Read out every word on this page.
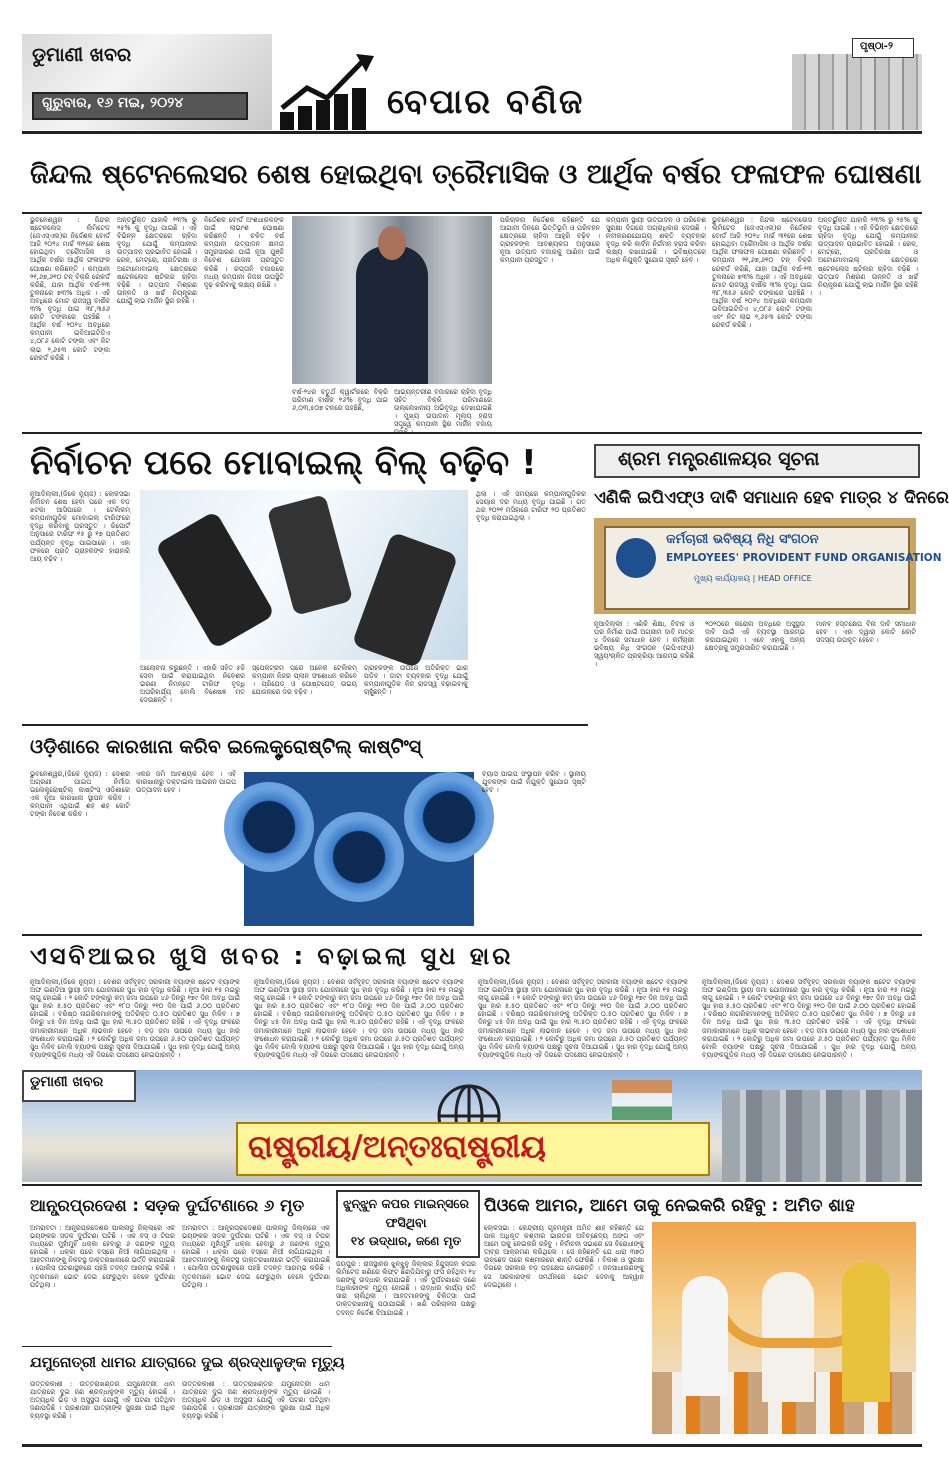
ଡୁମାଣୀ ଖବର
ଗୁରୁବାର, ୧୬ ମଇ, ୨୦୨୪	ବେପାର ବଣିଜ
ପୃଷ୍ଠା-୨
ଜିନ୍ଦଲ ଷ୍ଟେନଲେସର ଶେଷ ହୋଇଥିବା ତ୍ରୈମାସିକ ଓ ଆର୍ଥିକ ବର୍ଷର ଫଳାଫଳ ଘୋଷଣା
ଭୁବନେଶ୍ୱର : ଜିନ୍ଦଲ ଷ୍ଟେନଲେସ ଲିମିଟେଡ (ଜେଏସ୍‌ଏଲ)ର ନିର୍ଦ୍ଦେଶକ ବୋର୍ଡ ଆଜି ୨୦୨୪ ମାର୍ଚ୍ଚ ୩୧ରେ ଶେଷ ହୋଇଥିବା ତ୍ରୈମାସିକ ଓ ଆର୍ଥିକ ବର୍ଷର ଆର୍ଥିକ ଫଳାଫଳ ଘୋଷଣା କରିଛନ୍ତି । କମ୍ପାନୀ ୨୧,୬୭,୬୧୦ ଟନ୍ ବିକ୍ରି ରେକର୍ଡ କରିଛି, ଯାହା ଆର୍ଥିକ ବର୍ଷ-୨୩ ତୁଳନାରେ ୭୩% ଅଧିକ । ଏହି ଅବଧିରେ ମୋଟ ରାଜସ୍ୱ ବାର୍ଷିକ ୩% ବୃଦ୍ଧି ପାଇ ୩୮,୩୫୬ କୋଟି ଟଙ୍କାରେ ପହଞ୍ଚିଛି । ଆର୍ଥିକ ବର୍ଷ ୨୦୨୪ ଅବଧିରେ କମ୍ପାନୀ ଇବିଆଇଟିଡିଏ ୪,୦୮୬ କୋଟି ଟଙ୍କା ଏବଂ ନିଟ ଲାଭ ୨,୬୫୩ କୋଟି ଟଙ୍କା ରେକର୍ଡ କରିଛି ।
ଅନ୍ତର୍ଭୁକ୍ତ ଯାହାକି ୨୩% ରୁ ୨୫% କୁ ବୃଦ୍ଧି ପାଇଛି । ଏହି ବିଭିନ୍ନ କ୍ଷେତ୍ରରେ ଚାହିଦା ବୃଦ୍ଧି ଯୋଗୁଁ କମ୍ପାନୀର ଉତ୍ପାଦନ ପ୍ରଭାବିତ ହୋଇଛି । ରେଳ, ମେଟ୍ରୋ, ପ୍ରତିରକ୍ଷା ଓ ଅଟୋମୋବାଇଲ୍ କ୍ଷେତ୍ରରେ ଷ୍ଟେନଲେସ ଷ୍ଟିଲର ଚାହିଦା ବଢ଼ିଛି । ଉତ୍ପାଦ ମିଶ୍ରଣ ଉନ୍ନତି ଓ ଖର୍ଚ୍ଚ ନିୟନ୍ତ୍ରଣ ଯୋଗୁଁ ଲାଭ ମାର୍ଜିନ ସ୍ଥିର ରହିଛି ।
ନିର୍ଦ୍ଦେଶକ ବୋର୍ଡ ଅଂଶଧାରକଙ୍କ ପାଇଁ ଲାଭାଂଶ ଘୋଷଣା କରିଛନ୍ତି । ଚଳିତ ବର୍ଷ କମ୍ପାନୀ ଉତ୍ପାଦନ କ୍ଷମତା ସମ୍ପ୍ରସାରଣ ପାଇଁ ନୂଆ ପୁଞ୍ଜି ନିବେଶ ଯୋଜନା ପ୍ରସ୍ତୁତ କରିଛି । ରପ୍ତାନି ବଜାରରେ ମଧ୍ୟ କମ୍ପାନୀ ନିଜର ଉପସ୍ଥିତି ଦୃଢ଼ କରିବାକୁ ଲକ୍ଷ୍ୟ ରଖିଛି ।
ବର୍ଷ-୨୪ର ଚତୁର୍ଥ କ୍ୱାର୍ଟରରେ ବିକ୍ରି ପରିମାଣ ବାର୍ଷିକ ୧୬% ବୃଦ୍ଧି ପାଇ ୬,୦୩,୫୦୭ ଟନରେ ପହଞ୍ଚିଛି,
ଆଭ୍ୟନ୍ତରୀଣ ବଜାରରେ ଚାହିଦା ବୃଦ୍ଧି ସହିତ ବିକ୍ରି ପରିମାଣରେ ଉଲ୍ଲେଖନୀୟ ଅଭିବୃଦ୍ଧି ଦେଖାଯାଇଛି । ମୁଖ୍ୟ ଉପାଦାନ ମୂଲ୍ୟ ହ୍ରାସ ସତ୍ତ୍ୱେ କମ୍ପାନୀ ସ୍ଥିର ମାର୍ଜିନ ବଜାୟ
ପରିଚାଳନା ନିର୍ଦ୍ଦେଶକ କହିଛନ୍ତି ଯେ ଆଗାମୀ ଦିନରେ ଭିତ୍ତିଭୂମି ଓ ପରିବହନ କ୍ଷେତ୍ରରେ ଚାହିଦା ଆହୁରି ବଢ଼ିବ । ଗ୍ରାହକଙ୍କ ଆବଶ୍ୟକତା ଅନୁସାରେ ନୂଆ ଉତ୍ପାଦ ବଜାରକୁ ଆଣିବା ପାଇଁ କମ୍ପାନୀ ପ୍ରସ୍ତୁତ ।
କମ୍ପାନୀ ସ୍ଥାୟୀ ଉତ୍ପାଦନ ଓ ପରିବେଶ ସୁରକ୍ଷା ଦିଗରେ ଅଗ୍ରାଧିକାର ଦେଉଛି । ନବୀକରଣଯୋଗ୍ୟ ଶକ୍ତି ବ୍ୟବହାର ବୃଦ୍ଧି କରି କାର୍ବନ ନିର୍ଗମନ ହ୍ରାସ କରିବା ଲକ୍ଷ୍ୟ ରଖାଯାଇଛି । ଭବିଷ୍ୟତରେ ଅଧିକ ନିଯୁକ୍ତି ସୁଯୋଗ ସୃଷ୍ଟି ହେବ ।
ଭୁବନେଶ୍ୱର : ଜିନ୍ଦଲ ଷ୍ଟେନଲେସ ଲିମିଟେଡ (ଜେଏସ୍‌ଏଲ)ର ନିର୍ଦ୍ଦେଶକ ବୋର୍ଡ ଆଜି ୨୦୨୪ ମାର୍ଚ୍ଚ ୩୧ରେ ଶେଷ ହୋଇଥିବା ତ୍ରୈମାସିକ ଓ ଆର୍ଥିକ ବର୍ଷର ଆର୍ଥିକ ଫଳାଫଳ ଘୋଷଣା କରିଛନ୍ତି । କମ୍ପାନୀ ୨୧,୬୭,୬୧୦ ଟନ୍ ବିକ୍ରି ରେକର୍ଡ କରିଛି, ଯାହା ଆର୍ଥିକ ବର୍ଷ-୨୩ ତୁଳନାରେ ୭୩% ଅଧିକ । ଏହି ଅବଧିରେ ମୋଟ ରାଜସ୍ୱ ବାର୍ଷିକ ୩% ବୃଦ୍ଧି ପାଇ ୩୮,୩୫୬ କୋଟି ଟଙ୍କାରେ ପହଞ୍ଚିଛି । ଆର୍ଥିକ ବର୍ଷ ୨୦୨୪ ଅବଧିରେ କମ୍ପାନୀ ଇବିଆଇଟିଡିଏ ୪,୦୮୬ କୋଟି ଟଙ୍କା ଏବଂ ନିଟ ଲାଭ ୨,୬୫୩ କୋଟି ଟଙ୍କା ରେକର୍ଡ କରିଛି ।
ଅନ୍ତର୍ଭୁକ୍ତ ଯାହାକି ୨୩% ରୁ ୨୫% କୁ ବୃଦ୍ଧି ପାଇଛି । ଏହି ବିଭିନ୍ନ କ୍ଷେତ୍ରରେ ଚାହିଦା ବୃଦ୍ଧି ଯୋଗୁଁ କମ୍ପାନୀର ଉତ୍ପାଦନ ପ୍ରଭାବିତ ହୋଇଛି । ରେଳ, ମେଟ୍ରୋ, ପ୍ରତିରକ୍ଷା ଓ ଅଟୋମୋବାଇଲ୍ କ୍ଷେତ୍ରରେ ଷ୍ଟେନଲେସ ଷ୍ଟିଲର ଚାହିଦା ବଢ଼ିଛି । ଉତ୍ପାଦ ମିଶ୍ରଣ ଉନ୍ନତି ଓ ଖର୍ଚ୍ଚ ନିୟନ୍ତ୍ରଣ ଯୋଗୁଁ ଲାଭ ମାର୍ଜିନ ସ୍ଥିର ରହିଛି ।
ନିର୍ବାଚନ ପରେ ମୋବାଇଲ୍ ବିଲ୍ ବଢ଼ିବ !
ନୂଆଦିଲ୍ଲୀ,(ଜିକେ ନ୍ୟୁଜ) : ଲୋକସଭା ନିର୍ବାଚନ ଶେଷ ହେବା ପରେ ଏକ ବଡ଼ ଝଟକା ଆସିପାରେ । ଟେଲିକମ୍ କମ୍ପାନୀଗୁଡ଼ିକ ମୋବାଇଲ୍ ଟାରିଫରେ ବୃଦ୍ଧି କରିବାକୁ ପ୍ରସ୍ତୁତ । ରିପୋର୍ଟ ଅନୁସାରେ ଟାରିଫ ୧୫ ରୁ ୧୭ ପ୍ରତିଶତ ପର୍ଯ୍ୟନ୍ତ ବୃଦ୍ଧି ପାଇପାରେ । ଏହା ଫଳରେ ପ୍ରତି ଗ୍ରାହକଙ୍କ ହାରାହାରି ଆୟ ବଢ଼ିବ ।
ଆଲୋଚନା କରୁଛନ୍ତି । ଏହାରି ସହିତ ୫ଜି ସେବା ପାଇଁ କରାଯାଇଥିବା ନିବେଶର ଭରଣା ନିମନ୍ତେ ଟାରିଫ ବୃଦ୍ଧି ଅପରିହାର୍ଯ୍ୟ ବୋଲି ବିଶେଷଜ୍ଞ ମତ ଦେଉଛନ୍ତି ।
ସ୍ପେକଟ୍ରମ ପରେ ଅନେକ ଟେଲିକମ୍ କମ୍ପାନୀ ନିଜର ପ୍ଲାନ ସଂଶୋଧନ କରିବେ । ପ୍ରିପେଡ୍ ଓ ପୋଷ୍ଟପେଡ୍ ଉଭୟ ଯୋଜନାରେ ଦର ବଢ଼ିବ ।
ଗ୍ରାହକଙ୍କ ଉପରେ ଅତିରିକ୍ତ ଭାର ପଡ଼ିବ । ଡାଟା ବ୍ୟବହାର ବୃଦ୍ଧି ଯୋଗୁଁ କମ୍ପାନୀଗୁଡ଼ିକ ନିଜ ରାଜସ୍ୱ ବଢ଼ାଇବାକୁ ଚାହୁଁଛନ୍ତି ।
ଥିଲା । ଏହି ସମୟରେ କମ୍ପାନୀଗୁଡ଼ିକର ସେୟାର ଦର ମଧ୍ୟ ବୃଦ୍ଧି ପାଇଛି । ଗତ ଥର ୨୦୨୧ ମସିହାରେ ଟାରିଫ ୨୦ ପ୍ରତିଶତ ବୃଦ୍ଧି କରାଯାଇଥିଲା ।
ଶ୍ରମ ମନ୍ତ୍ରଣାଳୟର ସୂଚନା
ଏଣିକି ଇପିଏଫ୍‌ଓ ଦାବି ସମାଧାନ ହେବ ମାତ୍ର ୪ ଦିନରେ
କର୍ମଚାରୀ ଭବିଷ୍ୟ ନିଧି ସଂଗଠନ
EMPLOYEES' PROVIDENT FUND ORGANISATION
ମୁଖ୍ୟ କାର୍ଯ୍ୟାଳୟ | HEAD OFFICE
ନୂଆଦିଲ୍ଲୀ : ଏଣିକି ଶିକ୍ଷା, ବିବାହ ଓ ଘର ନିର୍ମାଣ ପାଇଁ ଅଗ୍ରୀମ ଦାବି ମାତ୍ର ୪ ଦିନରେ ସମାଧାନ ହେବ । କର୍ମଚାରୀ ଭବିଷ୍ୟ ନିଧି ସଂଗଠନ (ଇପିଏଫ୍‌ଓ) ସ୍ୱୟଂଚାଳିତ ପ୍ରକ୍ରିୟା ଆରମ୍ଭ କରିଛି ।
୨୦୨୦ରେ କରୋନା ଅବଧିରେ ଅସୁସ୍ଥତା ଦାବି ପାଇଁ ଏହି ବ୍ୟବସ୍ଥା ଆରମ୍ଭ କରାଯାଇଥିଲା । ଏବେ ଏହାକୁ ଅନ୍ୟ କ୍ଷେତ୍ରକୁ ସମ୍ପ୍ରସାରିତ କରାଯାଇଛି ।
ମାନବ ହସ୍ତକ୍ଷେପ ବିନା ଦାବି ସମାଧାନ ହେବ । ଏହା ଦ୍ୱାରା କୋଟି କୋଟି ସଦସ୍ୟ ଉପକୃତ ହେବେ ।
ଓଡ଼ିଶାରେ କାରଖାନା କରିବ ଇଲେକ୍ଟ୍ରୋଷ୍ଟିଲ୍ କାଷ୍ଟିଂସ୍
ଭୁବନେଶ୍ୱର,(ଜିକେ ନ୍ୟୁଜ) : ଦେଶର ଅଗ୍ରଣୀ ପାଇପ ନିର୍ମାତା ଇଲେକ୍ଟ୍ରୋଷ୍ଟିଲ୍ କାଷ୍ଟିଂସ୍ ଓଡ଼ିଶାରେ ଏକ ନୂଆ କାରଖାନା ସ୍ଥାପନ କରିବ । କମ୍ପାନୀ ଏଥିପାଇଁ ଶହ ଶହ କୋଟି ଟଙ୍କା ନିବେଶ କରିବ ।
ଏକର ଜମି ଆବଶ୍ୟକ ହେବ । ଏହି କାରଖାନାରୁ ଡକ୍ଟାଇଲ ଆଇରନ ପାଇପ ଉତ୍ପାଦନ ହେବ ।
ବ୍ୟାସ ପାଇପ ସଂସ୍ଥାପନ କରିବ । ସ୍ଥାନୀୟ ଯୁବକଙ୍କ ପାଇଁ ନିଯୁକ୍ତି ସୁଯୋଗ ସୃଷ୍ଟି ହେବ ।
ଏସବିଆଇର ଖୁସି ଖବର : ବଢ଼ାଇଲା ସୁଧ ହାର
ନୂଆଦିଲ୍ଲୀ,(ଜିକେ ନ୍ୟୁଜ) : ଦେଶର ସର୍ବବୃହତ୍ ସରକାରୀ ବ୍ୟାଙ୍କ ଷ୍ଟେଟ ବ୍ୟାଙ୍କ ଅଫ ଇଣ୍ଡିଆ ସ୍ଥାୟୀ ଜମା ଯୋଜନାରେ ସୁଧ ହାର ବୃଦ୍ଧି କରିଛି । ନୂଆ ହାର ୧୫ ମଇରୁ ଲାଗୁ ହୋଇଛି । ୨ କୋଟି ଟଙ୍କାରୁ କମ୍ ଜମା ଉପରେ ୪୬ ଦିନରୁ ୧୭୯ ଦିନ ଅବଧି ପାଇଁ ସୁଧ ହାର ୫.୫୦ ପ୍ରତିଶତ ଏବଂ ୧୮୦ ଦିନରୁ ୨୧୦ ଦିନ ପାଇଁ ୬.୦୦ ପ୍ରତିଶତ ହୋଇଛି । ବରିଷ୍ଠ ନାଗରିକମାନଙ୍କୁ ଅତିରିକ୍ତ ୦.୫୦ ପ୍ରତିଶତ ସୁଧ ମିଳିବ । ୭ ଦିନରୁ ୪୫ ଦିନ ଅବଧି ପାଇଁ ସୁଧ ହାର ୩.୫୦ ପ୍ରତିଶତ ରହିଛି । ଏହି ବୃଦ୍ଧି ଫଳରେ ଜମାକାରୀମାନେ ଅଧିକ ଲାଭବାନ ହେବେ । ବଡ଼ ଜମା ଉପରେ ମଧ୍ୟ ସୁଧ ହାର ସଂଶୋଧନ କରାଯାଇଛି । ୨ କୋଟିରୁ ଅଧିକ ଜମା ଉପରେ ୬.୫୦ ପ୍ରତିଶତ ପର୍ଯ୍ୟନ୍ତ ସୁଧ ମିଳିବ ବୋଲି ବ୍ୟାଙ୍କ ପକ୍ଷରୁ ସୂଚନା ଦିଆଯାଇଛି । ସୁଧ ହାର ବୃଦ୍ଧି ଯୋଗୁଁ ଅନ୍ୟ ବ୍ୟାଙ୍କଗୁଡ଼ିକ ମଧ୍ୟ ଏହି ଦିଗରେ ପଦକ୍ଷେପ ନେଇପାରନ୍ତି ।
ନୂଆଦିଲ୍ଲୀ,(ଜିକେ ନ୍ୟୁଜ) : ଦେଶର ସର୍ବବୃହତ୍ ସରକାରୀ ବ୍ୟାଙ୍କ ଷ୍ଟେଟ ବ୍ୟାଙ୍କ ଅଫ ଇଣ୍ଡିଆ ସ୍ଥାୟୀ ଜମା ଯୋଜନାରେ ସୁଧ ହାର ବୃଦ୍ଧି କରିଛି । ନୂଆ ହାର ୧୫ ମଇରୁ ଲାଗୁ ହୋଇଛି । ୨ କୋଟି ଟଙ୍କାରୁ କମ୍ ଜମା ଉପରେ ୪୬ ଦିନରୁ ୧୭୯ ଦିନ ଅବଧି ପାଇଁ ସୁଧ ହାର ୫.୫୦ ପ୍ରତିଶତ ଏବଂ ୧୮୦ ଦିନରୁ ୨୧୦ ଦିନ ପାଇଁ ୬.୦୦ ପ୍ରତିଶତ ହୋଇଛି । ବରିଷ୍ଠ ନାଗରିକମାନଙ୍କୁ ଅତିରିକ୍ତ ୦.୫୦ ପ୍ରତିଶତ ସୁଧ ମିଳିବ । ୭ ଦିନରୁ ୪୫ ଦିନ ଅବଧି ପାଇଁ ସୁଧ ହାର ୩.୫୦ ପ୍ରତିଶତ ରହିଛି । ଏହି ବୃଦ୍ଧି ଫଳରେ ଜମାକାରୀମାନେ ଅଧିକ ଲାଭବାନ ହେବେ । ବଡ଼ ଜମା ଉପରେ ମଧ୍ୟ ସୁଧ ହାର ସଂଶୋଧନ କରାଯାଇଛି । ୨ କୋଟିରୁ ଅଧିକ ଜମା ଉପରେ ୬.୫୦ ପ୍ରତିଶତ ପର୍ଯ୍ୟନ୍ତ ସୁଧ ମିଳିବ ବୋଲି ବ୍ୟାଙ୍କ ପକ୍ଷରୁ ସୂଚନା ଦିଆଯାଇଛି । ସୁଧ ହାର ବୃଦ୍ଧି ଯୋଗୁଁ ଅନ୍ୟ ବ୍ୟାଙ୍କଗୁଡ଼ିକ ମଧ୍ୟ ଏହି ଦିଗରେ ପଦକ୍ଷେପ ନେଇପାରନ୍ତି ।
ନୂଆଦିଲ୍ଲୀ,(ଜିକେ ନ୍ୟୁଜ) : ଦେଶର ସର୍ବବୃହତ୍ ସରକାରୀ ବ୍ୟାଙ୍କ ଷ୍ଟେଟ ବ୍ୟାଙ୍କ ଅଫ ଇଣ୍ଡିଆ ସ୍ଥାୟୀ ଜମା ଯୋଜନାରେ ସୁଧ ହାର ବୃଦ୍ଧି କରିଛି । ନୂଆ ହାର ୧୫ ମଇରୁ ଲାଗୁ ହୋଇଛି । ୨ କୋଟି ଟଙ୍କାରୁ କମ୍ ଜମା ଉପରେ ୪୬ ଦିନରୁ ୧୭୯ ଦିନ ଅବଧି ପାଇଁ ସୁଧ ହାର ୫.୫୦ ପ୍ରତିଶତ ଏବଂ ୧୮୦ ଦିନରୁ ୨୧୦ ଦିନ ପାଇଁ ୬.୦୦ ପ୍ରତିଶତ ହୋଇଛି । ବରିଷ୍ଠ ନାଗରିକମାନଙ୍କୁ ଅତିରିକ୍ତ ୦.୫୦ ପ୍ରତିଶତ ସୁଧ ମିଳିବ । ୭ ଦିନରୁ ୪୫ ଦିନ ଅବଧି ପାଇଁ ସୁଧ ହାର ୩.୫୦ ପ୍ରତିଶତ ରହିଛି । ଏହି ବୃଦ୍ଧି ଫଳରେ ଜମାକାରୀମାନେ ଅଧିକ ଲାଭବାନ ହେବେ । ବଡ଼ ଜମା ଉପରେ ମଧ୍ୟ ସୁଧ ହାର ସଂଶୋଧନ କରାଯାଇଛି । ୨ କୋଟିରୁ ଅଧିକ ଜମା ଉପରେ ୬.୫୦ ପ୍ରତିଶତ ପର୍ଯ୍ୟନ୍ତ ସୁଧ ମିଳିବ ବୋଲି ବ୍ୟାଙ୍କ ପକ୍ଷରୁ ସୂଚନା ଦିଆଯାଇଛି । ସୁଧ ହାର ବୃଦ୍ଧି ଯୋଗୁଁ ଅନ୍ୟ ବ୍ୟାଙ୍କଗୁଡ଼ିକ ମଧ୍ୟ ଏହି ଦିଗରେ ପଦକ୍ଷେପ ନେଇପାରନ୍ତି ।
ନୂଆଦିଲ୍ଲୀ,(ଜିକେ ନ୍ୟୁଜ) : ଦେଶର ସର୍ବବୃହତ୍ ସରକାରୀ ବ୍ୟାଙ୍କ ଷ୍ଟେଟ ବ୍ୟାଙ୍କ ଅଫ ଇଣ୍ଡିଆ ସ୍ଥାୟୀ ଜମା ଯୋଜନାରେ ସୁଧ ହାର ବୃଦ୍ଧି କରିଛି । ନୂଆ ହାର ୧୫ ମଇରୁ ଲାଗୁ ହୋଇଛି । ୨ କୋଟି ଟଙ୍କାରୁ କମ୍ ଜମା ଉପରେ ୪୬ ଦିନରୁ ୧୭୯ ଦିନ ଅବଧି ପାଇଁ ସୁଧ ହାର ୫.୫୦ ପ୍ରତିଶତ ଏବଂ ୧୮୦ ଦିନରୁ ୨୧୦ ଦିନ ପାଇଁ ୬.୦୦ ପ୍ରତିଶତ ହୋଇଛି । ବରିଷ୍ଠ ନାଗରିକମାନଙ୍କୁ ଅତିରିକ୍ତ ୦.୫୦ ପ୍ରତିଶତ ସୁଧ ମିଳିବ । ୭ ଦିନରୁ ୪୫ ଦିନ ଅବଧି ପାଇଁ ସୁଧ ହାର ୩.୫୦ ପ୍ରତିଶତ ରହିଛି । ଏହି ବୃଦ୍ଧି ଫଳରେ ଜମାକାରୀମାନେ ଅଧିକ ଲାଭବାନ ହେବେ । ବଡ଼ ଜମା ଉପରେ ମଧ୍ୟ ସୁଧ ହାର ସଂଶୋଧନ କରାଯାଇଛି । ୨ କୋଟିରୁ ଅଧିକ ଜମା ଉପରେ ୬.୫୦ ପ୍ରତିଶତ ପର୍ଯ୍ୟନ୍ତ ସୁଧ ମିଳିବ ବୋଲି ବ୍ୟାଙ୍କ ପକ୍ଷରୁ ସୂଚନା ଦିଆଯାଇଛି । ସୁଧ ହାର ବୃଦ୍ଧି ଯୋଗୁଁ ଅନ୍ୟ ବ୍ୟାଙ୍କଗୁଡ଼ିକ ମଧ୍ୟ ଏହି ଦିଗରେ ପଦକ୍ଷେପ ନେଇପାରନ୍ତି ।
ଡୁମାଣୀ ଖବର
ରାଷ୍ଟ୍ରୀୟ/ଅନ୍ତଃରାଷ୍ଟ୍ରୀୟ
ଆନ୍ଧ୍ରପ୍ରଦେଶ : ସଡ଼କ ଦୁର୍ଘଟଣାରେ ୬ ମୃତ
ଅମରାବତୀ : ଆନ୍ଧ୍ରପ୍ରଦେଶର ପାଲନାଡୁ ଜିଲ୍ଲାରେ ଏକ ଭୟଙ୍କର ସଡ଼କ ଦୁର୍ଘଟଣା ଘଟିଛି । ଏକ ବସ୍ ଓ ଟିପର ମଧ୍ୟରେ ମୁହାଁମୁହିଁ ଧକ୍କା ହେବାରୁ ୬ ଜଣଙ୍କ ମୃତ୍ୟୁ ହୋଇଛି । ଧକ୍କା ପରେ ବସ୍‌ରେ ନିଆଁ ଲାଗିଯାଇଥିଲା । ଆହତମାନଙ୍କୁ ନିକଟସ୍ଥ ଡାକ୍ତରଖାନାରେ ଭର୍ତ୍ତି କରାଯାଇଛି । ପୋଲିସ ଘଟଣାସ୍ଥଳରେ ପହଞ୍ଚି ତଦନ୍ତ ଆରମ୍ଭ କରିଛି । ମୃତକମାନେ ଭୋଟ ଦେଇ ଫେରୁଥିବା ବେଳେ ଦୁର୍ଘଟଣା ଘଟିଥିଲା ।
ଅମରାବତୀ : ଆନ୍ଧ୍ରପ୍ରଦେଶର ପାଲନାଡୁ ଜିଲ୍ଲାରେ ଏକ ଭୟଙ୍କର ସଡ଼କ ଦୁର୍ଘଟଣା ଘଟିଛି । ଏକ ବସ୍ ଓ ଟିପର ମଧ୍ୟରେ ମୁହାଁମୁହିଁ ଧକ୍କା ହେବାରୁ ୬ ଜଣଙ୍କ ମୃତ୍ୟୁ ହୋଇଛି । ଧକ୍କା ପରେ ବସ୍‌ରେ ନିଆଁ ଲାଗିଯାଇଥିଲା । ଆହତମାନଙ୍କୁ ନିକଟସ୍ଥ ଡାକ୍ତରଖାନାରେ ଭର୍ତ୍ତି କରାଯାଇଛି । ପୋଲିସ ଘଟଣାସ୍ଥଳରେ ପହଞ୍ଚି ତଦନ୍ତ ଆରମ୍ଭ କରିଛି । ମୃତକମାନେ ଭୋଟ ଦେଇ ଫେରୁଥିବା ବେଳେ ଦୁର୍ଘଟଣା ଘଟିଥିଲା ।
ଯମୁନୋତ୍ରୀ ଧାମର ଯାତ୍ରାରେ ଦୁଇ ଶ୍ରଦ୍ଧାଳୁଙ୍କ ମୃତ୍ୟୁ
ଉତ୍ତରକାଶୀ : ଉତ୍ତରାଖଣ୍ଡର ଯମୁନୋତ୍ରୀ ଧାମ ଯାତ୍ରାରେ ଦୁଇ ଜଣ ଶ୍ରଦ୍ଧାଳୁଙ୍କ ମୃତ୍ୟୁ ହୋଇଛି । ଅତ୍ୟଧିକ ଭିଡ଼ ଓ ଅସୁସ୍ଥତା ଯୋଗୁଁ ଏହି ଘଟଣା ଘଟିଥିବା ଜଣାପଡ଼ିଛି । ପ୍ରଶାସନ ଯାତ୍ରୀଙ୍କ ସୁରକ୍ଷା ପାଇଁ ଅଧିକ ବ୍ୟବସ୍ଥା କରିଛି ।
ଉତ୍ତରକାଶୀ : ଉତ୍ତରାଖଣ୍ଡର ଯମୁନୋତ୍ରୀ ଧାମ ଯାତ୍ରାରେ ଦୁଇ ଜଣ ଶ୍ରଦ୍ଧାଳୁଙ୍କ ମୃତ୍ୟୁ ହୋଇଛି । ଅତ୍ୟଧିକ ଭିଡ଼ ଓ ଅସୁସ୍ଥତା ଯୋଗୁଁ ଏହି ଘଟଣା ଘଟିଥିବା ଜଣାପଡ଼ିଛି । ପ୍ରଶାସନ ଯାତ୍ରୀଙ୍କ ସୁରକ୍ଷା ପାଇଁ ଅଧିକ ବ୍ୟବସ୍ଥା କରିଛି ।
ଝୁନ୍‌ଝୁନ କପର ମାଇନ୍ସରେ ଫସିଥିବା
୧୪ ଉଦ୍ଧାର, ଜଣେ ମୃତ
ଜୟପୁର : ରାଜସ୍ଥାନର ଝୁନ୍‌ଝୁନୁ ଜିଲ୍ଲାର ହିନ୍ଦୁସ୍ତାନ କପର ଲିମିଟେଡ ଖଣିରେ ଲିଫ୍ଟ ଛିଣ୍ଡିଯିବାରୁ ଫସି ରହିଥିବା ୧୪ ଜଣଙ୍କୁ ଉଦ୍ଧାର କରାଯାଇଛି । ଏହି ଦୁର୍ଘଟଣାରେ ଜଣେ ଅଧିକାରୀଙ୍କ ମୃତ୍ୟୁ ହୋଇଛି । ଉଦ୍ଧାର କାର୍ଯ୍ୟ ରାତି ସାରା ଚାଲିଥିଲା । ଆହତମାନଙ୍କୁ ଚିକିତ୍ସା ପାଇଁ ଡାକ୍ତରଖାନାକୁ ପଠାଯାଇଛି । ଖଣି ପରିଚାଳନା ପକ୍ଷରୁ ତଦନ୍ତ ନିର୍ଦ୍ଦେଶ ଦିଆଯାଇଛି ।
ପିଓକେ ଆମର, ଆମେ ତାକୁ ନେଇକରି ରହିବୁ : ଅମିତ ଶାହ
ଲୋକସଭା : କେନ୍ଦ୍ରୀୟ ଗୃହମନ୍ତ୍ରୀ ଅମିତ ଶାହ କହିଛନ୍ତି ଯେ ପାକ ଅଧିକୃତ କଶ୍ମୀର ଭାରତର ଅବିଚ୍ଛେଦ୍ୟ ଅଙ୍ଗ ଏବଂ ଆମେ ତାକୁ ନେଇକରି ରହିବୁ । ନିର୍ବାଚନୀ ସଭାରେ ସେ ବିରୋଧୀଙ୍କୁ ତୀବ୍ର ଆକ୍ରମଣ କରିଥିଲେ । ସେ କହିଛନ୍ତି ଯେ ଧାରା ୩୭୦ ଉଚ୍ଛେଦ ପରେ କଶ୍ମୀରରେ ଶାନ୍ତି ଫେରିଛି । ବିକାଶ ଓ ସୁରକ୍ଷା ଦିଗରେ ସରକାର ବଡ଼ ପଦକ୍ଷେପ ନେଇଛନ୍ତି । ଜନସାଧାରଣଙ୍କୁ ସେ ସରକାରଙ୍କ ସମର୍ଥନରେ ଭୋଟ ଦେବାକୁ ଆହ୍ୱାନ ଦେଇଥିଲେ ।
